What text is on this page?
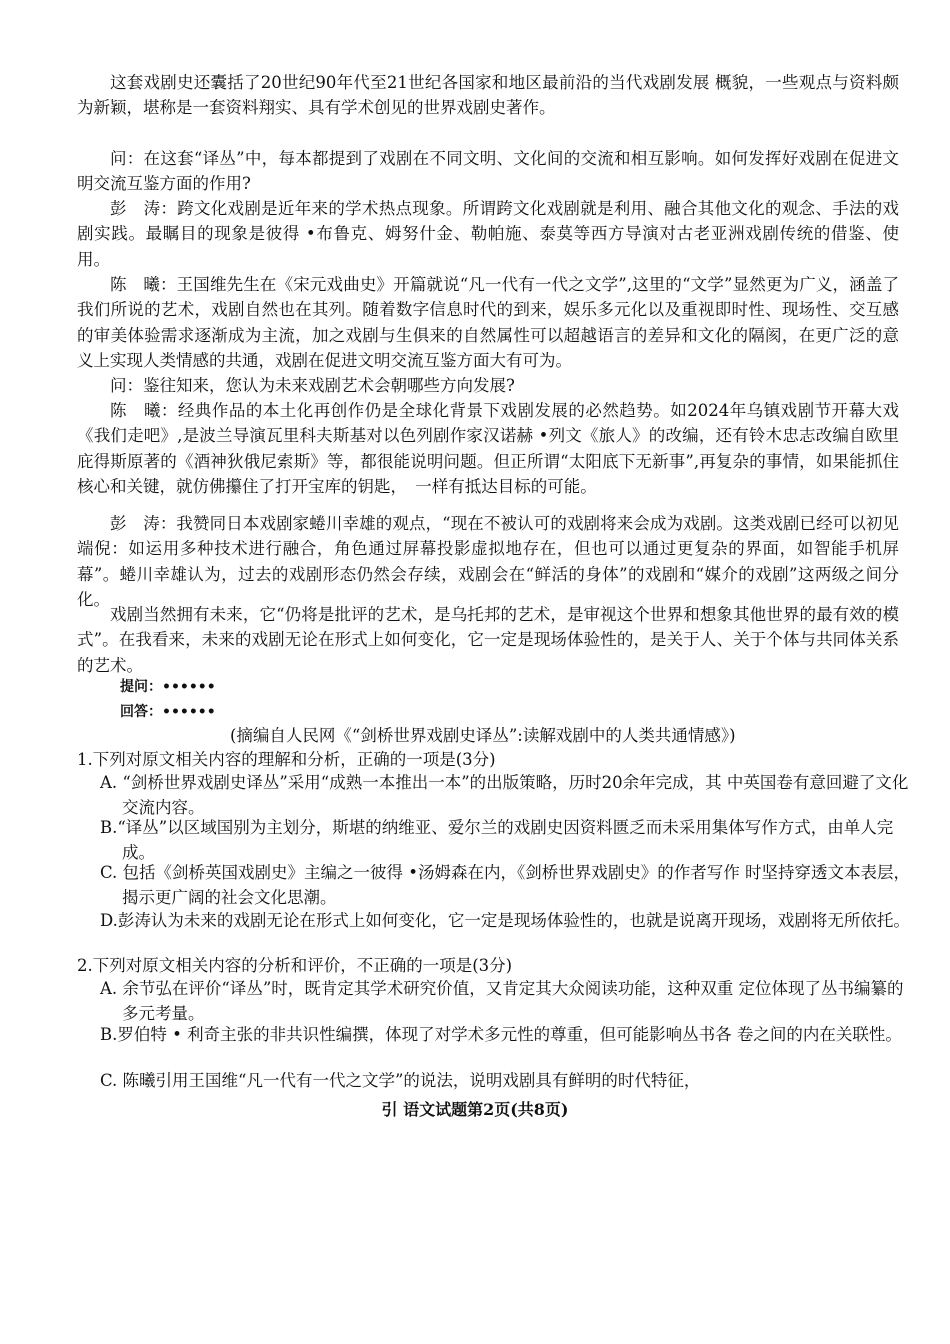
这套戏剧史还囊括了20世纪90年代至21世纪各国家和地区最前沿的当代戏剧发展 概貌，一些观点与资料颇为新颖，堪称是一套资料翔实、具有学术创见的世界戏剧史著作。

问：在这套“译丛”中，每本都提到了戏剧在不同文明、文化间的交流和相互影响。如何发挥好戏剧在促进文明交流互鉴方面的作用?

彭　涛：跨文化戏剧是近年来的学术热点现象。所谓跨文化戏剧就是利用、融合其他文化的观念、手法的戏剧实践。最瞩目的现象是彼得 •布鲁克、姆努什金、勒帕施、泰莫等西方导演对古老亚洲戏剧传统的借鉴、使用。

陈　曦：王国维先生在《宋元戏曲史》开篇就说“凡一代有一代之文学”,这里的“文学”显然更为广义，涵盖了我们所说的艺术，戏剧自然也在其列。随着数字信息时代的到来，娱乐多元化以及重视即时性、现场性、交互感的审美体验需求逐渐成为主流，加之戏剧与生俱来的自然属性可以超越语言的差异和文化的隔阂，在更广泛的意义上实现人类情感的共通，戏剧在促进文明交流互鉴方面大有可为。

问：鉴往知来，您认为未来戏剧艺术会朝哪些方向发展?

陈　曦：经典作品的本土化再创作仍是全球化背景下戏剧发展的必然趋势。如2024年乌镇戏剧节开幕大戏《我们走吧》,是波兰导演瓦里科夫斯基对以色列剧作家汉诺赫 •列文《旅人》的改编，还有铃木忠志改编自欧里庇得斯原著的《酒神狄俄尼索斯》等，都很能说明问题。但正所谓“太阳底下无新事”,再复杂的事情，如果能抓住核心和关键，就仿佛攥住了打开宝库的钥匙，　一样有抵达目标的可能。

彭　涛：我赞同日本戏剧家蜷川幸雄的观点，“现在不被认可的戏剧将来会成为戏剧。这类戏剧已经可以初见端倪：如运用多种技术进行融合，角色通过屏幕投影虚拟地存在，但也可以通过更复杂的界面，如智能手机屏幕”。蜷川幸雄认为，过去的戏剧形态仍然会存续，戏剧会在“鲜活的身体”的戏剧和“媒介的戏剧”这两级之间分化。

戏剧当然拥有未来，它“仍将是批评的艺术，是乌托邦的艺术，是审视这个世界和想象其他世界的最有效的模式”。在我看来，未来的戏剧无论在形式上如何变化，它一定是现场体验性的，是关于人、关于个体与共同体关系的艺术。

提问：••••••

回答：••••••

(摘编自人民网《“剑桥世界戏剧史译丛”:读解戏剧中的人类共通情感》)

1.下列对原文相关内容的理解和分析，正确的一项是(3分)

A. “剑桥世界戏剧史译丛”采用“成熟一本推出一本”的出版策略，历时20余年完成，其 中英国卷有意回避了文化交流内容。

B.“译丛”以区域国别为主划分，斯堪的纳维亚、爱尔兰的戏剧史因资料匮乏而未采用集体写作方式，由单人完成。

C. 包括《剑桥英国戏剧史》主编之一彼得 •汤姆森在内，《剑桥世界戏剧史》的作者写作 时坚持穿透文本表层，揭示更广阔的社会文化思潮。

D.彭涛认为未来的戏剧无论在形式上如何变化，它一定是现场体验性的，也就是说离开现场，戏剧将无所依托。

2.下列对原文相关内容的分析和评价，不正确的一项是(3分)

A. 余节弘在评价“译丛”时，既肯定其学术研究价值，又肯定其大众阅读功能，这种双重 定位体现了丛书编纂的多元考量。

B.罗伯特 • 利奇主张的非共识性编撰，体现了对学术多元性的尊重，但可能影响丛书各 卷之间的内在关联性。

C. 陈曦引用王国维“凡一代有一代之文学”的说法，说明戏剧具有鲜明的时代特征，

引 语文试题第2页(共8页)
